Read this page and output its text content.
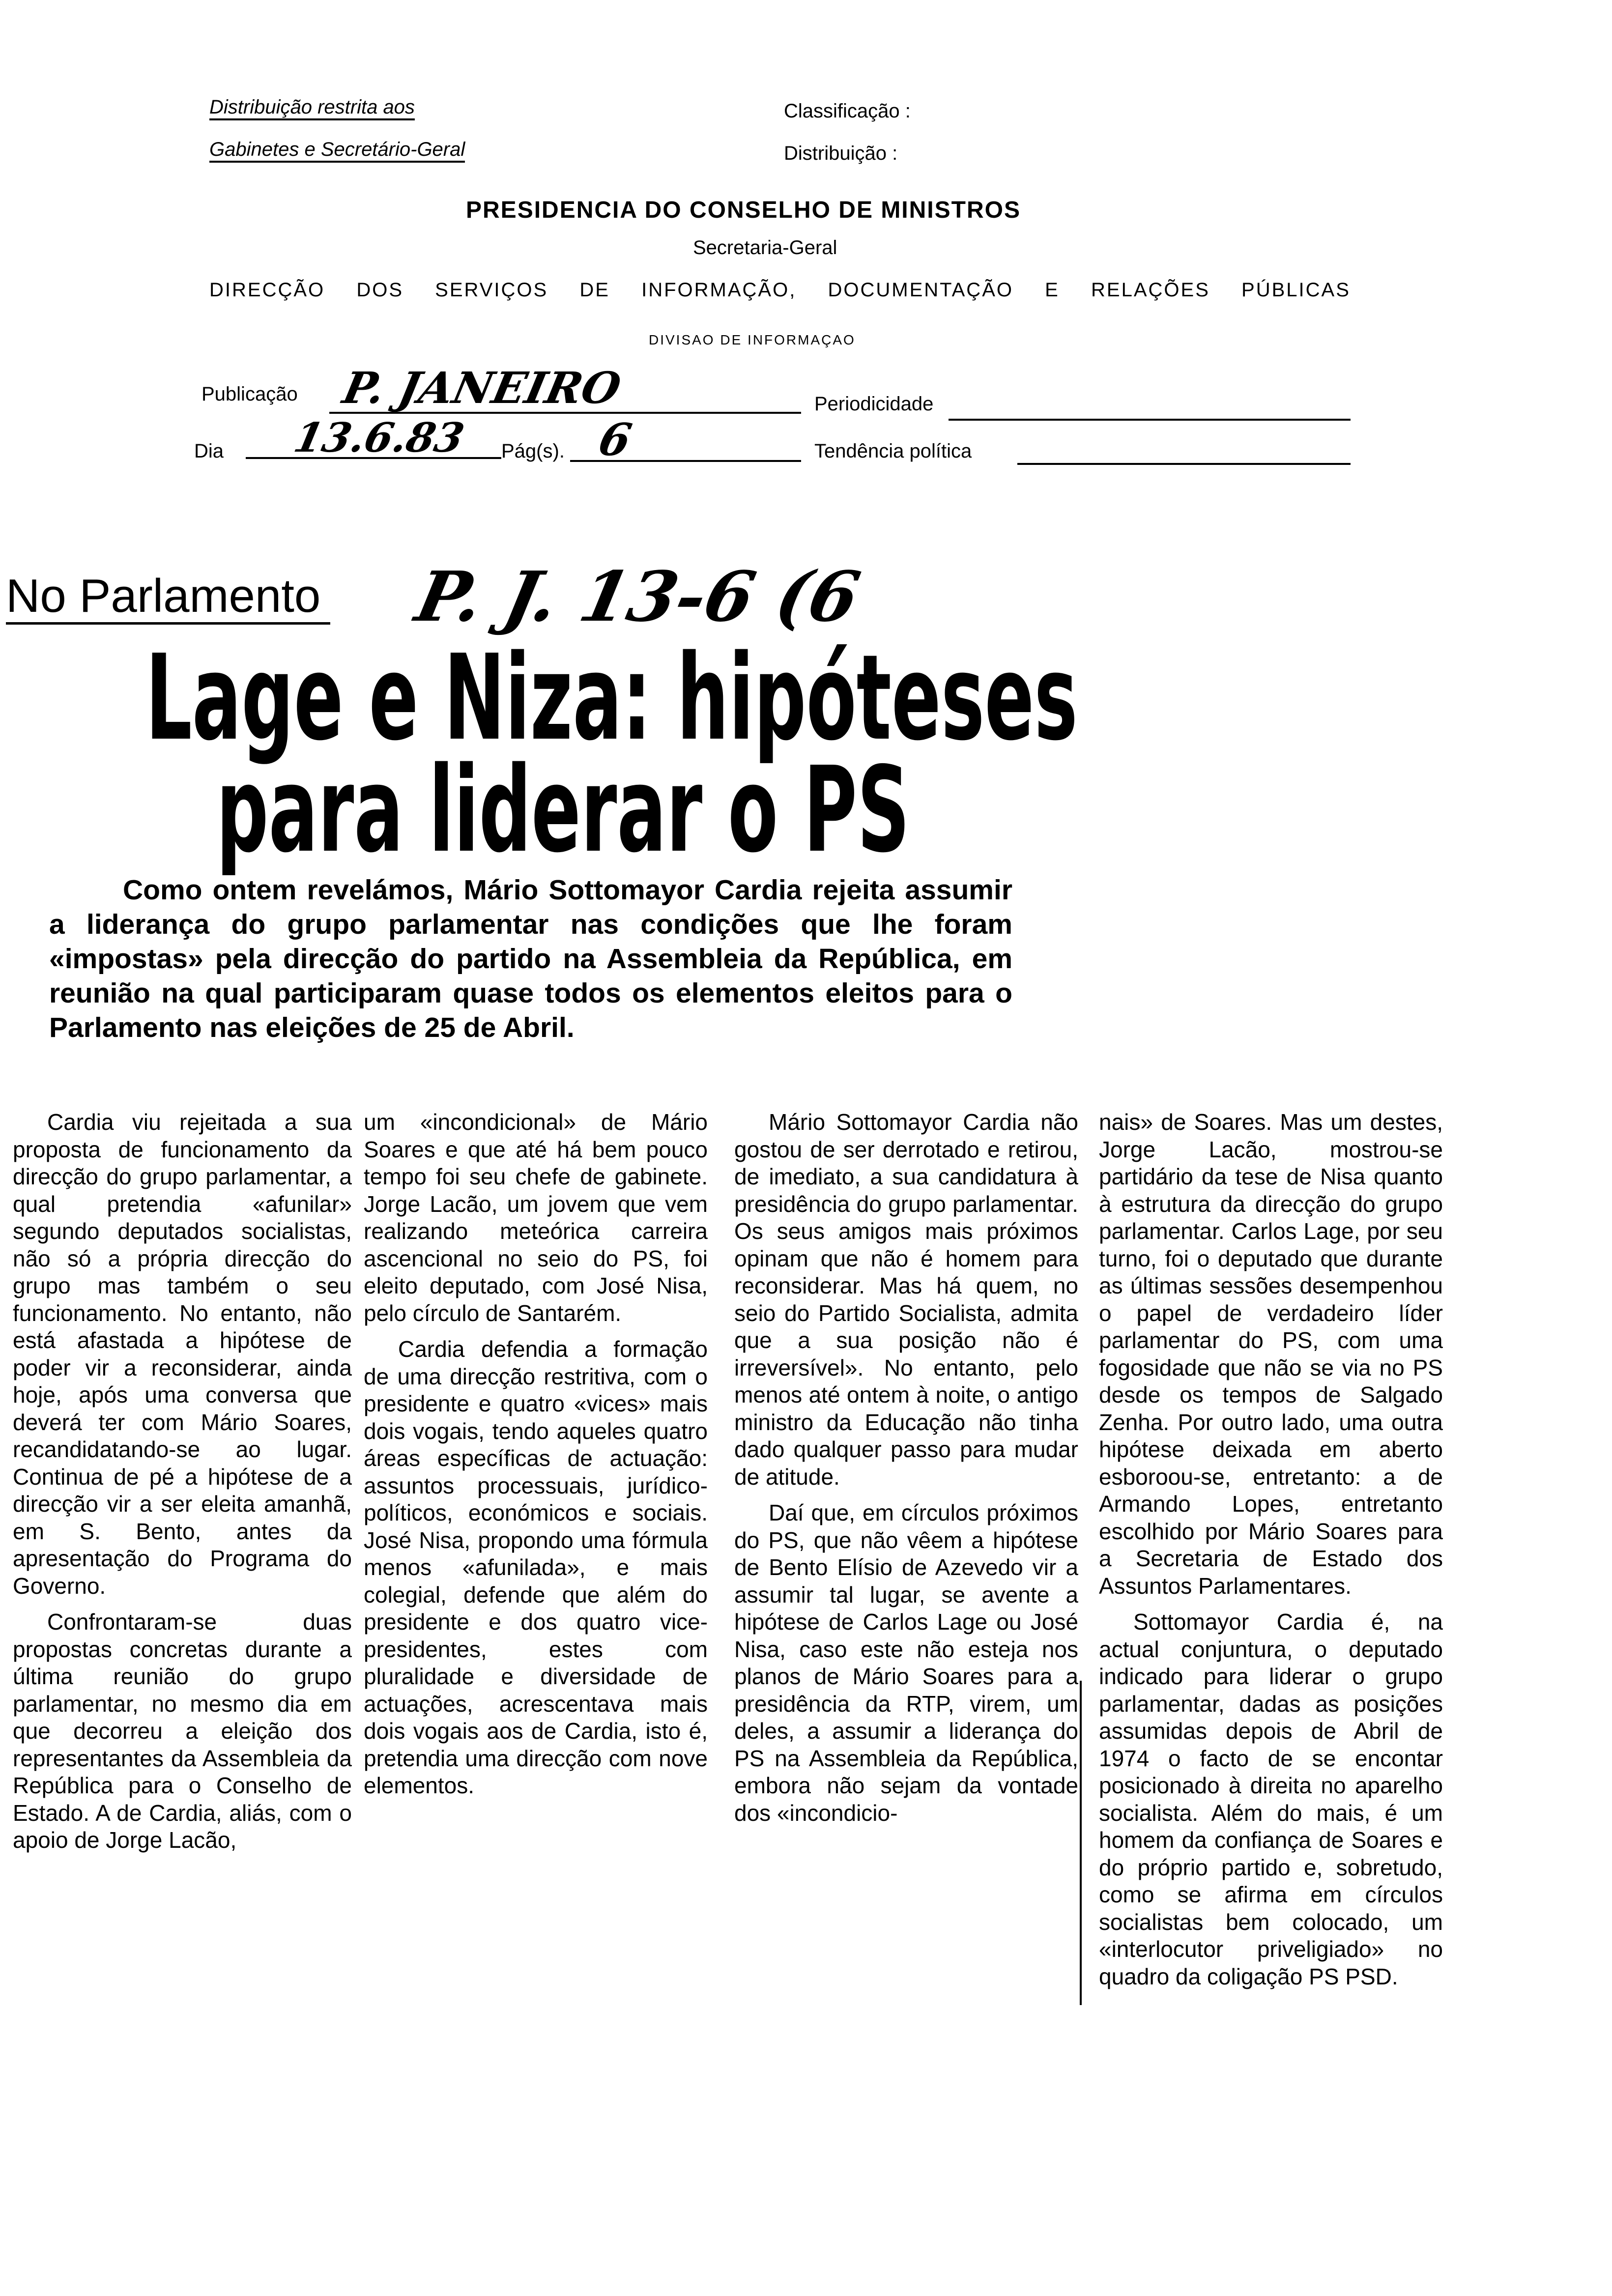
Distribuição restrita aos
Gabinetes e Secretário-Geral
Classificação :
Distribuição :
PRESIDENCIA DO CONSELHO DE MINISTROS
Secretaria-Geral
DIRECÇÃO DOS SERVIÇOS DE INFORMAÇÃO, DOCUMENTAÇÃO E RELAÇÕES PÚBLICAS
DIVISAO DE INFORMAÇAO
Publicação P. JANEIRO	Periodicidade
Dia 13.6.83 Pág(s). 6	Tendência política
No Parlamento P. J. 13-6 (6
Lage e Niza: hipóteses
para liderar o PS
Como ontem revelámos, Mário Sottomayor Cardia rejeita assumir a liderança do grupo parlamentar nas condições que lhe foram «impostas» pela direcção do partido na Assembleia da República, em reunião na qual participaram quase todos os elementos eleitos para o Parlamento nas eleições de 25 de Abril.

Cardia viu rejeitada a sua proposta de funcionamento da direcção do grupo parlamentar, a qual pretendia «afunilar» segundo deputados socialistas, não só a própria direcção do grupo mas também o seu funcionamento. No entanto, não está afastada a hipótese de poder vir a reconsiderar, ainda hoje, após uma conversa que deverá ter com Mário Soares, recandidatando-se ao lugar. Continua de pé a hipótese de a direcção vir a ser eleita amanhã, em S. Bento, antes da apresentação do Programa do Governo.

Confrontaram-se duas propostas concretas durante a última reunião do grupo parlamentar, no mesmo dia em que decorreu a eleição dos representantes da Assembleia da República para o Conselho de Estado. A de Cardia, aliás, com o apoio de Jorge Lacão,

um «incondicional» de Mário Soares e que até há bem pouco tempo foi seu chefe de gabinete. Jorge Lacão, um jovem que vem realizando meteórica carreira ascencional no seio do PS, foi eleito deputado, com José Nisa, pelo círculo de Santarém.

Cardia defendia a formação de uma direcção restritiva, com o presidente e quatro «vices» mais dois vogais, tendo aqueles quatro áreas específicas de actuação: assuntos processuais, jurídico-políticos, económicos e sociais. José Nisa, propondo uma fórmula menos «afunilada», e mais colegial, defende que além do presidente e dos quatro vice-presidentes, estes com pluralidade e diversidade de actuações, acrescentava mais dois vogais aos de Cardia, isto é, pretendia uma direcção com nove elementos.

Mário Sottomayor Cardia não gostou de ser derrotado e retirou, de imediato, a sua candidatura à presidência do grupo parlamentar. Os seus amigos mais próximos opinam que não é homem para reconsiderar. Mas há quem, no seio do Partido Socialista, admita que a sua posição não é irreversível». No entanto, pelo menos até ontem à noite, o antigo ministro da Educação não tinha dado qualquer passo para mudar de atitude.

Daí que, em círculos próximos do PS, que não vêem a hipótese de Bento Elísio de Azevedo vir a assumir tal lugar, se avente a hipótese de Carlos Lage ou José Nisa, caso este não esteja nos planos de Mário Soares para a presidência da RTP, virem, um deles, a assumir a liderança do PS na Assembleia da República, embora não sejam da vontade dos «incondicio-

nais» de Soares. Mas um destes, Jorge Lacão, mostrou-se partidário da tese de Nisa quanto à estrutura da direcção do grupo parlamentar. Carlos Lage, por seu turno, foi o deputado que durante as últimas sessões desempenhou o papel de verdadeiro líder parlamentar do PS, com uma fogosidade que não se via no PS desde os tempos de Salgado Zenha. Por outro lado, uma outra hipótese deixada em aberto esboroou-se, entretanto: a de Armando Lopes, entretanto escolhido por Mário Soares para a Secretaria de Estado dos Assuntos Parlamentares.

Sottomayor Cardia é, na actual conjuntura, o deputado indicado para liderar o grupo parlamentar, dadas as posições assumidas depois de Abril de 1974 o facto de se encontar posicionado à direita no aparelho socialista. Além do mais, é um homem da confiança de Soares e do próprio partido e, sobretudo, como se afirma em círculos socialistas bem colocado, um «interlocutor priveligiado» no quadro da coligação PS PSD.
